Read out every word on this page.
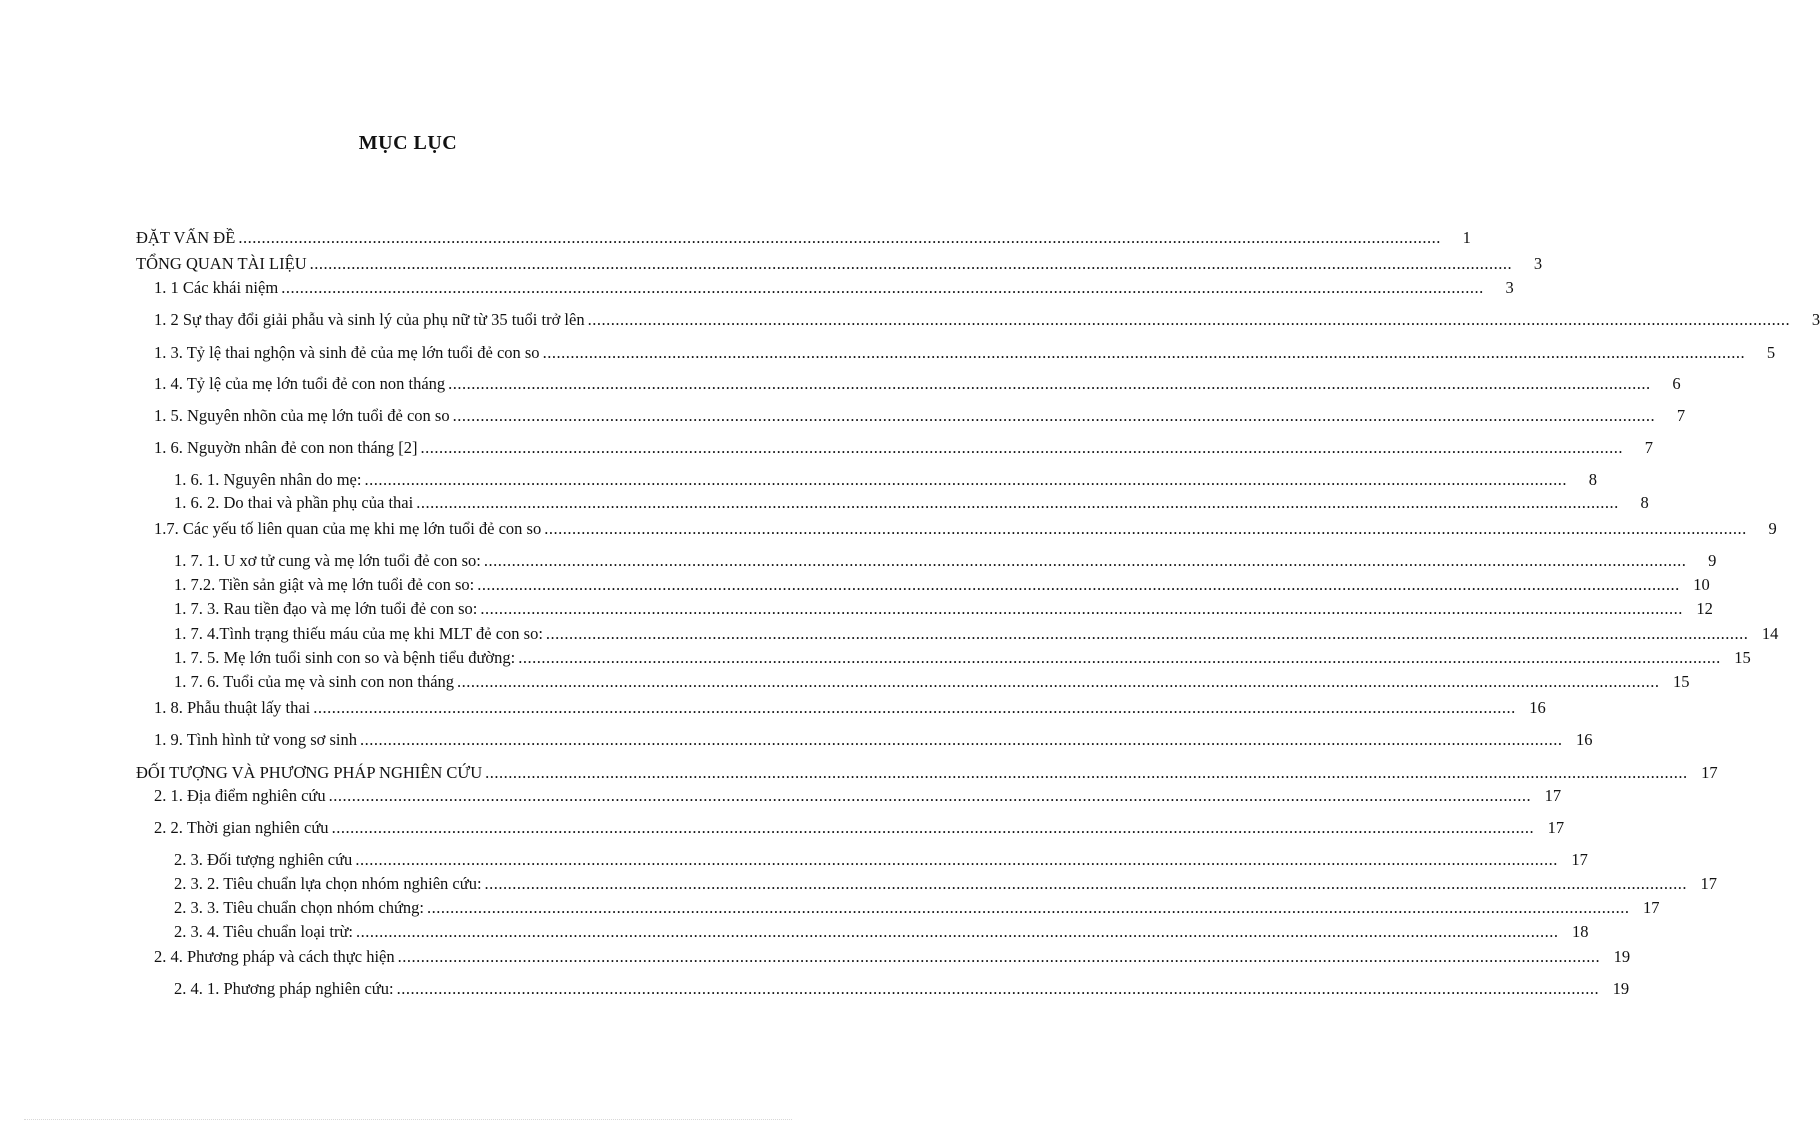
MỤC LỤC
ĐẶT VẤN ĐỀ ....................................................................................................................................................................................................................................................................	1
TỔNG QUAN TÀI LIỆU ....................................................................................................................................................................................................................................................................	3
1. 1 Các khái niệm ....................................................................................................................................................................................................................................................................	3
1. 2 Sự thay đổi giải phẫu và sinh lý của phụ nữ từ 35 tuổi trở lên ....................................................................................................................................................................................................................................................................	3
1. 3. Tỷ lệ thai nghộn và sinh đẻ của mẹ lớn tuổi đẻ con so ....................................................................................................................................................................................................................................................................	5
1. 4. Tỷ lệ của mẹ lớn tuổi đẻ con non tháng ....................................................................................................................................................................................................................................................................	6
1. 5. Nguyên nhõn của mẹ lớn tuổi đẻ con so ....................................................................................................................................................................................................................................................................	7
1. 6. Nguyờn nhân đẻ con non tháng [2] ....................................................................................................................................................................................................................................................................	7
1. 6. 1. Nguyên nhân do mẹ: ....................................................................................................................................................................................................................................................................	8
1. 6. 2. Do thai và phần phụ của thai ....................................................................................................................................................................................................................................................................	8
1.7. Các yếu tố liên quan của mẹ khi mẹ lớn tuổi đẻ con so ....................................................................................................................................................................................................................................................................	9
1. 7. 1. U xơ tử cung và mẹ lớn tuổi đẻ con so: ....................................................................................................................................................................................................................................................................	9
1. 7.2. Tiền sản giật và mẹ lớn tuổi đẻ con so: .................................................................................................................................................................................................................................................................... 10
1. 7. 3. Rau tiền đạo và mẹ lớn tuổi đẻ con so: .................................................................................................................................................................................................................................................................... 12
1. 7. 4.Tình trạng thiếu máu của mẹ khi MLT đẻ con so: .................................................................................................................................................................................................................................................................... 14
1. 7. 5. Mẹ lớn tuổi sinh con so và bệnh tiểu đường: .................................................................................................................................................................................................................................................................... 15
1. 7. 6. Tuổi của mẹ và sinh con non tháng .................................................................................................................................................................................................................................................................... 15
1. 8. Phẫu thuật lấy thai .................................................................................................................................................................................................................................................................... 16
1. 9. Tình hình tử vong sơ sinh .................................................................................................................................................................................................................................................................... 16
ĐỐI TƯỢNG VÀ PHƯƠNG PHÁP NGHIÊN CỨU .................................................................................................................................................................................................................................................................... 17
2. 1. Địa điểm nghiên cứu .................................................................................................................................................................................................................................................................... 17
2. 2. Thời gian nghiên cứu .................................................................................................................................................................................................................................................................... 17
2. 3. Đối tượng nghiên cứu .................................................................................................................................................................................................................................................................... 17
2. 3. 2. Tiêu chuẩn lựa chọn nhóm nghiên cứu: .................................................................................................................................................................................................................................................................... 17
2. 3. 3. Tiêu chuẩn chọn nhóm chứng: .................................................................................................................................................................................................................................................................... 17
2. 3. 4. Tiêu chuẩn loại trừ: .................................................................................................................................................................................................................................................................... 18
2. 4. Phương pháp và cách thực hiện .................................................................................................................................................................................................................................................................... 19
2. 4. 1. Phương pháp nghiên cứu: .................................................................................................................................................................................................................................................................... 19
